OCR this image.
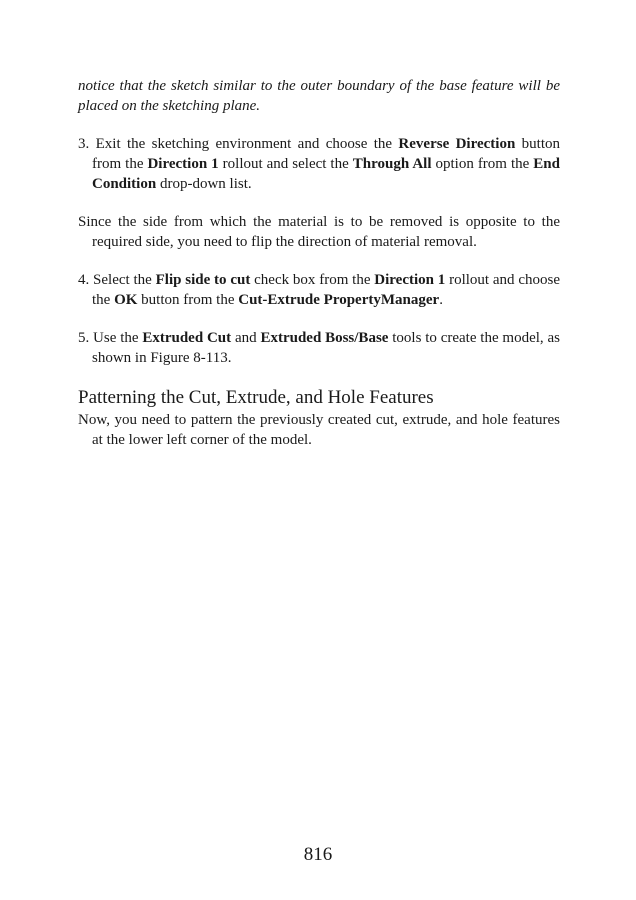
notice that the sketch similar to the outer boundary of the base feature will be placed on the sketching plane.

3. Exit the sketching environment and choose the Reverse Direction button from the Direction 1 rollout and select the Through All option from the End Condition drop-down list.

Since the side from which the material is to be removed is opposite to the required side, you need to flip the direction of material removal.

4. Select the Flip side to cut check box from the Direction 1 rollout and choose the OK button from the Cut-Extrude PropertyManager.

5. Use the Extruded Cut and Extruded Boss/Base tools to create the model, as shown in Figure 8-113.

Patterning the Cut, Extrude, and Hole Features

Now, you need to pattern the previously created cut, extrude, and hole features at the lower left corner of the model.

816
